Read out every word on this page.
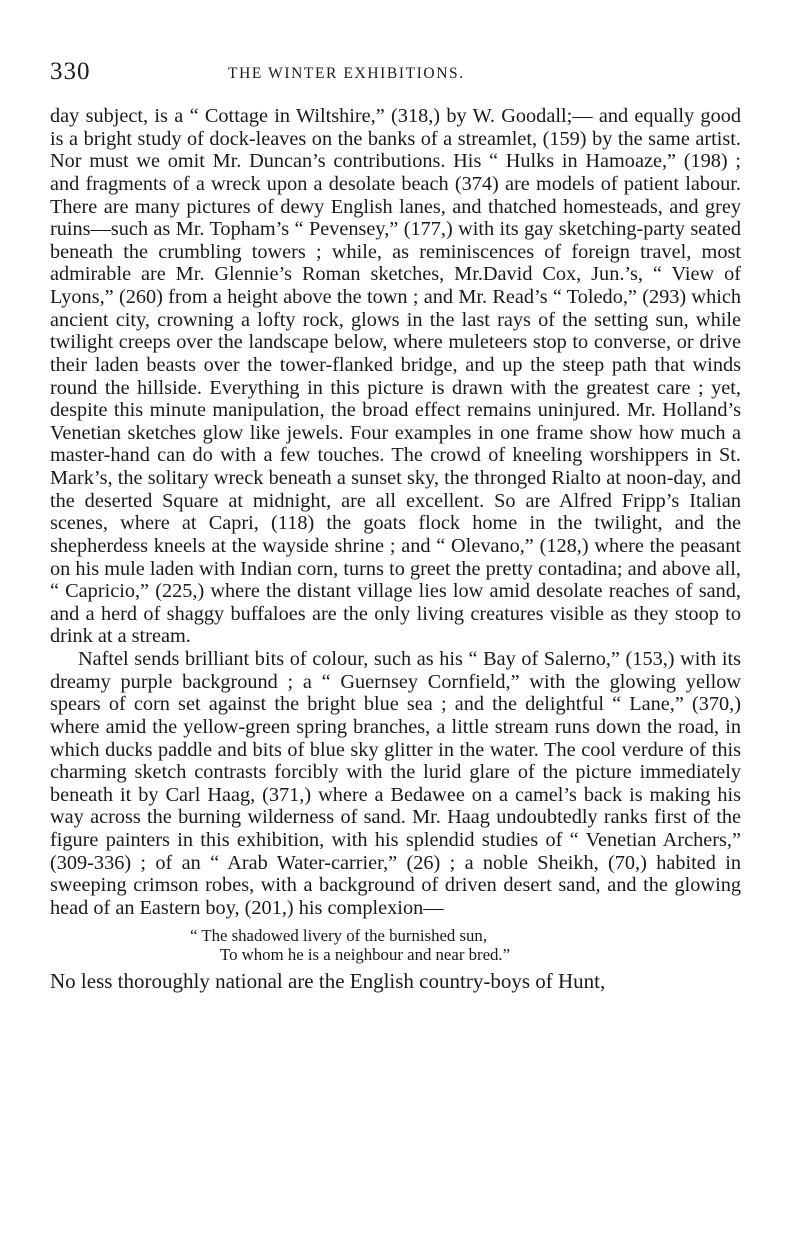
330	THE WINTER EXHIBITIONS.

day subject, is a “ Cottage in Wiltshire,” (318,) by W. Goodall;— and equally good is a bright study of dock-leaves on the banks of a streamlet, (159) by the same artist. Nor must we omit Mr. Duncan’s contributions. His “ Hulks in Hamoaze,” (198) ; and fragments of a wreck upon a desolate beach (374) are models of patient labour. There are many pictures of dewy English lanes, and thatched homesteads, and grey ruins—such as Mr. Topham’s “ Pevensey,” (177,) with its gay sketching-party seated beneath the crumbling towers ; while, as reminiscences of foreign travel, most admirable are Mr. Glennie’s Roman sketches, Mr.David Cox, Jun.’s, “ View of Lyons,” (260) from a height above the town ; and Mr. Read’s “ Toledo,” (293) which ancient city, crowning a lofty rock, glows in the last rays of the setting sun, while twilight creeps over the landscape below, where muleteers stop to converse, or drive their laden beasts over the tower-flanked bridge, and up the steep path that winds round the hillside. Everything in this picture is drawn with the greatest care ; yet, despite this minute manipulation, the broad effect remains uninjured. Mr. Holland’s Venetian sketches glow like jewels. Four examples in one frame show how much a master-hand can do with a few touches. The crowd of kneeling worshippers in St. Mark’s, the solitary wreck beneath a sunset sky, the thronged Rialto at noon-day, and the deserted Square at midnight, are all excellent. So are Alfred Fripp’s Italian scenes, where at Capri, (118) the goats flock home in the twilight, and the shepherdess kneels at the wayside shrine ; and “ Olevano,” (128,) where the peasant on his mule laden with Indian corn, turns to greet the pretty contadina; and above all, “ Capricio,” (225,) where the distant village lies low amid desolate reaches of sand, and a herd of shaggy buffaloes are the only living creatures visible as they stoop to drink at a stream.

Naftel sends brilliant bits of colour, such as his “ Bay of Salerno,” (153,) with its dreamy purple background ; a “ Guernsey Cornfield,” with the glowing yellow spears of corn set against the bright blue sea ; and the delightful “ Lane,” (370,) where amid the yellow-green spring branches, a little stream runs down the road, in which ducks paddle and bits of blue sky glitter in the water. The cool verdure of this charming sketch contrasts forcibly with the lurid glare of the picture immediately beneath it by Carl Haag, (371,) where a Bedawee on a camel’s back is making his way across the burning wilderness of sand. Mr. Haag undoubtedly ranks first of the figure painters in this exhibition, with his splendid studies of “ Venetian Archers,” (309-336) ; of an “ Arab Water-carrier,” (26) ; a noble Sheikh, (70,) habited in sweeping crimson robes, with a background of driven desert sand, and the glowing head of an Eastern boy, (201,) his complexion—

“ The shadowed livery of the burnished sun,
To whom he is a neighbour and near bred.”

No less thoroughly national are the English country-boys of Hunt,
